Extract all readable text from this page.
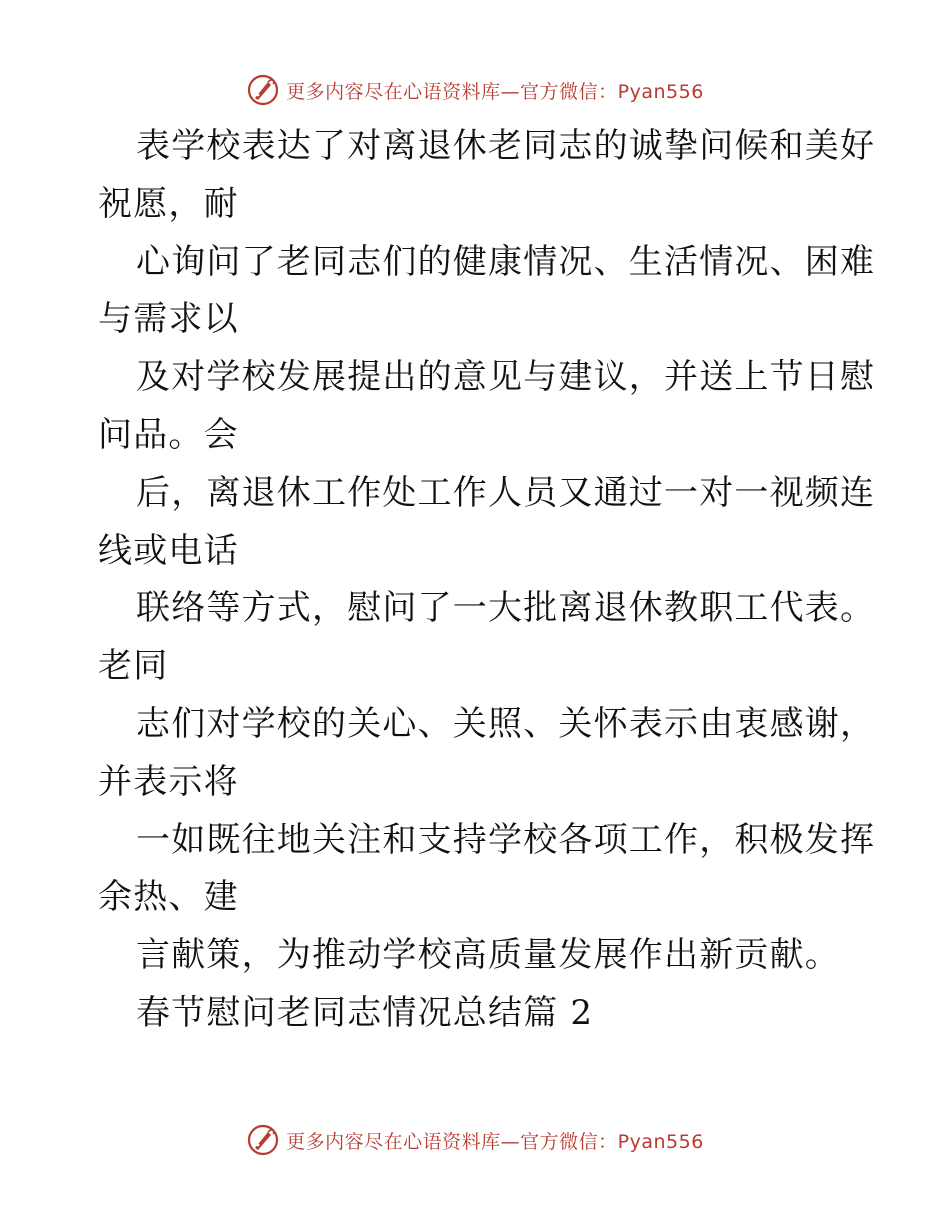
更多内容尽在心语资料库—官方微信：Pyan556
表学校表达了对离退休老同志的诚挚问候和美好
祝愿，耐
心询问了老同志们的健康情况、生活情况、困难
与需求以
及对学校发展提出的意见与建议，并送上节日慰
问品。会
后，离退休工作处工作人员又通过一对一视频连
线或电话
联络等方式，慰问了一大批离退休教职工代表。
老同
志们对学校的关心、关照、关怀表示由衷感谢，
并表示将
一如既往地关注和支持学校各项工作，积极发挥
余热、建
言献策，为推动学校高质量发展作出新贡献。
春节慰问老同志情况总结篇 2
更多内容尽在心语资料库—官方微信：Pyan556
